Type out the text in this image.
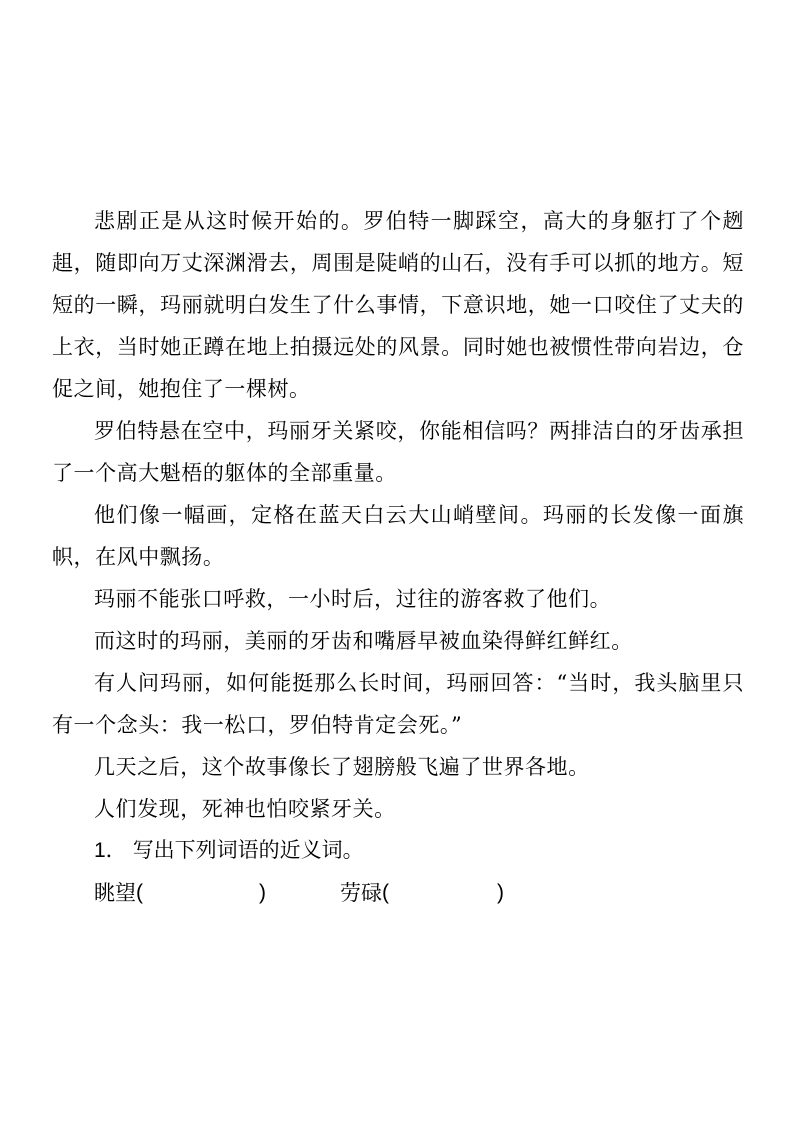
悲剧正是从这时候开始的。罗伯特一脚踩空，高大的身躯打了个趔趄，随即向万丈深渊滑去，周围是陡峭的山石，没有手可以抓的地方。短短的一瞬，玛丽就明白发生了什么事情，下意识地，她一口咬住了丈夫的上衣，当时她正蹲在地上拍摄远处的风景。同时她也被惯性带向岩边，仓促之间，她抱住了一棵树。

罗伯特悬在空中，玛丽牙关紧咬，你能相信吗？两排洁白的牙齿承担了一个高大魁梧的躯体的全部重量。

他们像一幅画，定格在蓝天白云大山峭壁间。玛丽的长发像一面旗帜，在风中飘扬。

玛丽不能张口呼救，一小时后，过往的游客救了他们。

而这时的玛丽，美丽的牙齿和嘴唇早被血染得鲜红鲜红。

有人问玛丽，如何能挺那么长时间，玛丽回答：“当时，我头脑里只有一个念头：我一松口，罗伯特肯定会死。”

几天之后，这个故事像长了翅膀般飞遍了世界各地。

人们发现，死神也怕咬紧牙关。

1． 写出下列词语的近义词。

眺望 (	)	劳碌 (	)
